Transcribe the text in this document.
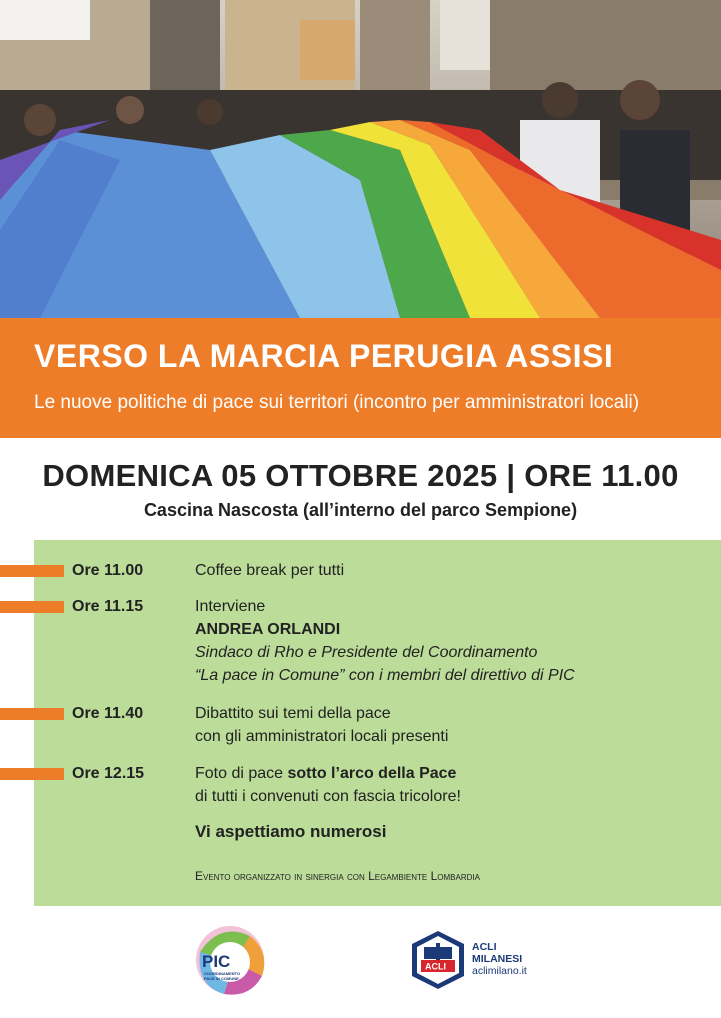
VERSO LA MARCIA PERUGIA ASSISI
Le nuove politiche di pace sui territori (incontro per amministratori locali)
DOMENICA 05 OTTOBRE 2025 | ORE 11.00
Cascina Nascosta (all’interno del parco Sempione)
Ore 11.00	Coffee break per tutti
Ore 11.15	Interviene
ANDREA ORLANDI
Sindaco di Rho e Presidente del Coordinamento
“La pace in Comune” con i membri del direttivo di PIC
Ore 11.40	Dibattito sui temi della pace
con gli amministratori locali presenti
Ore 12.15	Foto di pace sotto l’arco della Pace
di tutti i convenuti con fascia tricolore!
Vi aspettiamo numerosi
Evento organizzato in sinergia con Legambiente Lombardia
PIC
COORDINAMENTO
PACE IN COMUNE
ACLI
ACLI
MILANESI
aclimilano.it
